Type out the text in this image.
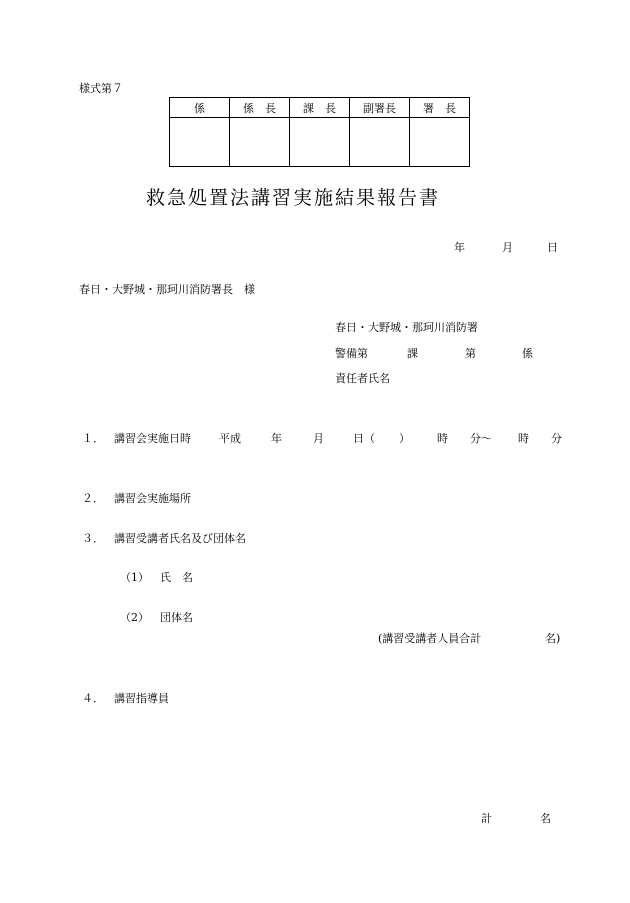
様式第７
係	係　長	課　長	副署長	署　長

救急処置法講習実施結果報告書
年	月	日
春日・大野城・那珂川消防署長　様
春日・大野城・那珂川消防署
警備第	課	第	係
責任者氏名
１． 講習会実施日時	平成	年	月	日（ ） 時 分～ 時 分
２． 講習会実施場所
３． 講習受講者氏名及び団体名
（1） 氏　名
（2） 団体名
(講習受講者人員合計	名)
４． 講習指導員
計	名
